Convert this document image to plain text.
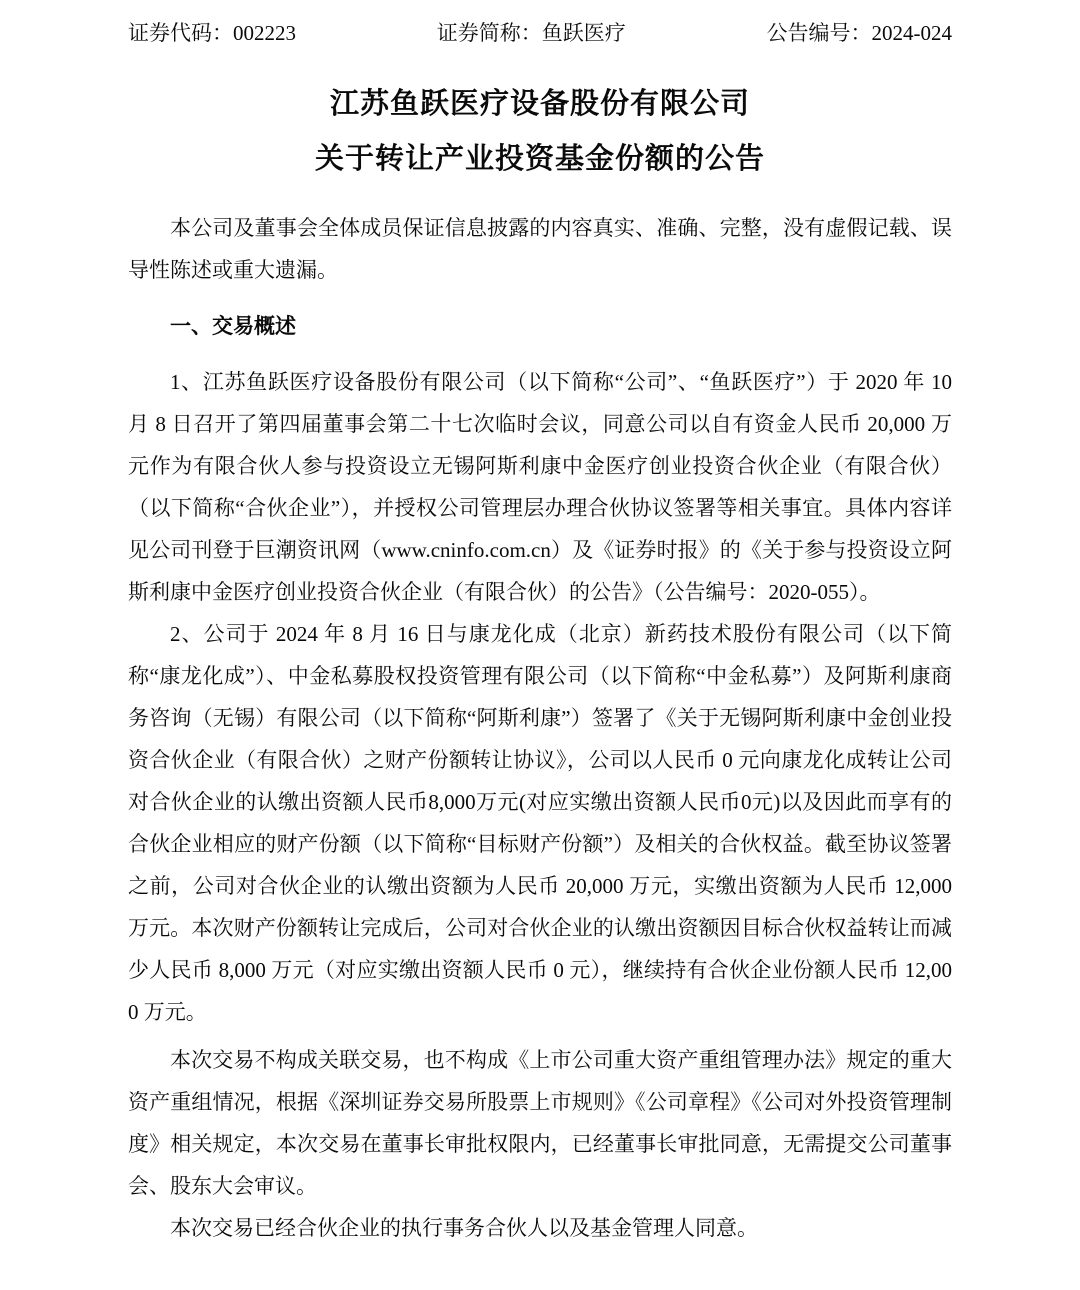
证券代码：002223	证券简称：鱼跃医疗	公告编号：2024-024
江苏鱼跃医疗设备股份有限公司
关于转让产业投资基金份额的公告

本公司及董事会全体成员保证信息披露的内容真实、准确、完整，没有虚假记载、误导性陈述或重大遗漏。

一、交易概述

1、江苏鱼跃医疗设备股份有限公司（以下简称“公司”、“鱼跃医疗”）于 2020 年 10 月 8 日召开了第四届董事会第二十七次临时会议，同意公司以自有资金人民币 20,000 万元作为有限合伙人参与投资设立无锡阿斯利康中金医疗创业投资合伙企业（有限合伙）（以下简称“合伙企业”），并授权公司管理层办理合伙协议签署等相关事宜。具体内容详见公司刊登于巨潮资讯网（www.cninfo.com.cn）及《证券时报》的《关于参与投资设立阿斯利康中金医疗创业投资合伙企业（有限合伙）的公告》（公告编号：2020-055）。

2、公司于 2024 年 8 月 16 日与康龙化成（北京）新药技术股份有限公司（以下简称“康龙化成”）、中金私募股权投资管理有限公司（以下简称“中金私募”）及阿斯利康商务咨询（无锡）有限公司（以下简称“阿斯利康”）签署了《关于无锡阿斯利康中金创业投资合伙企业（有限合伙）之财产份额转让协议》，公司以人民币 0 元向康龙化成转让公司对合伙企业的认缴出资额人民币8,000万元(对应实缴出资额人民币0元)以及因此而享有的合伙企业相应的财产份额（以下简称“目标财产份额”）及相关的合伙权益。截至协议签署之前，公司对合伙企业的认缴出资额为人民币 20,000 万元，实缴出资额为人民币 12,000 万元。本次财产份额转让完成后，公司对合伙企业的认缴出资额因目标合伙权益转让而减少人民币 8,000 万元（对应实缴出资额人民币 0 元），继续持有合伙企业份额人民币 12,000 万元。

本次交易不构成关联交易，也不构成《上市公司重大资产重组管理办法》规定的重大资产重组情况，根据《深圳证券交易所股票上市规则》《公司章程》《公司对外投资管理制度》相关规定，本次交易在董事长审批权限内，已经董事长审批同意，无需提交公司董事会、股东大会审议。

本次交易已经合伙企业的执行事务合伙人以及基金管理人同意。
